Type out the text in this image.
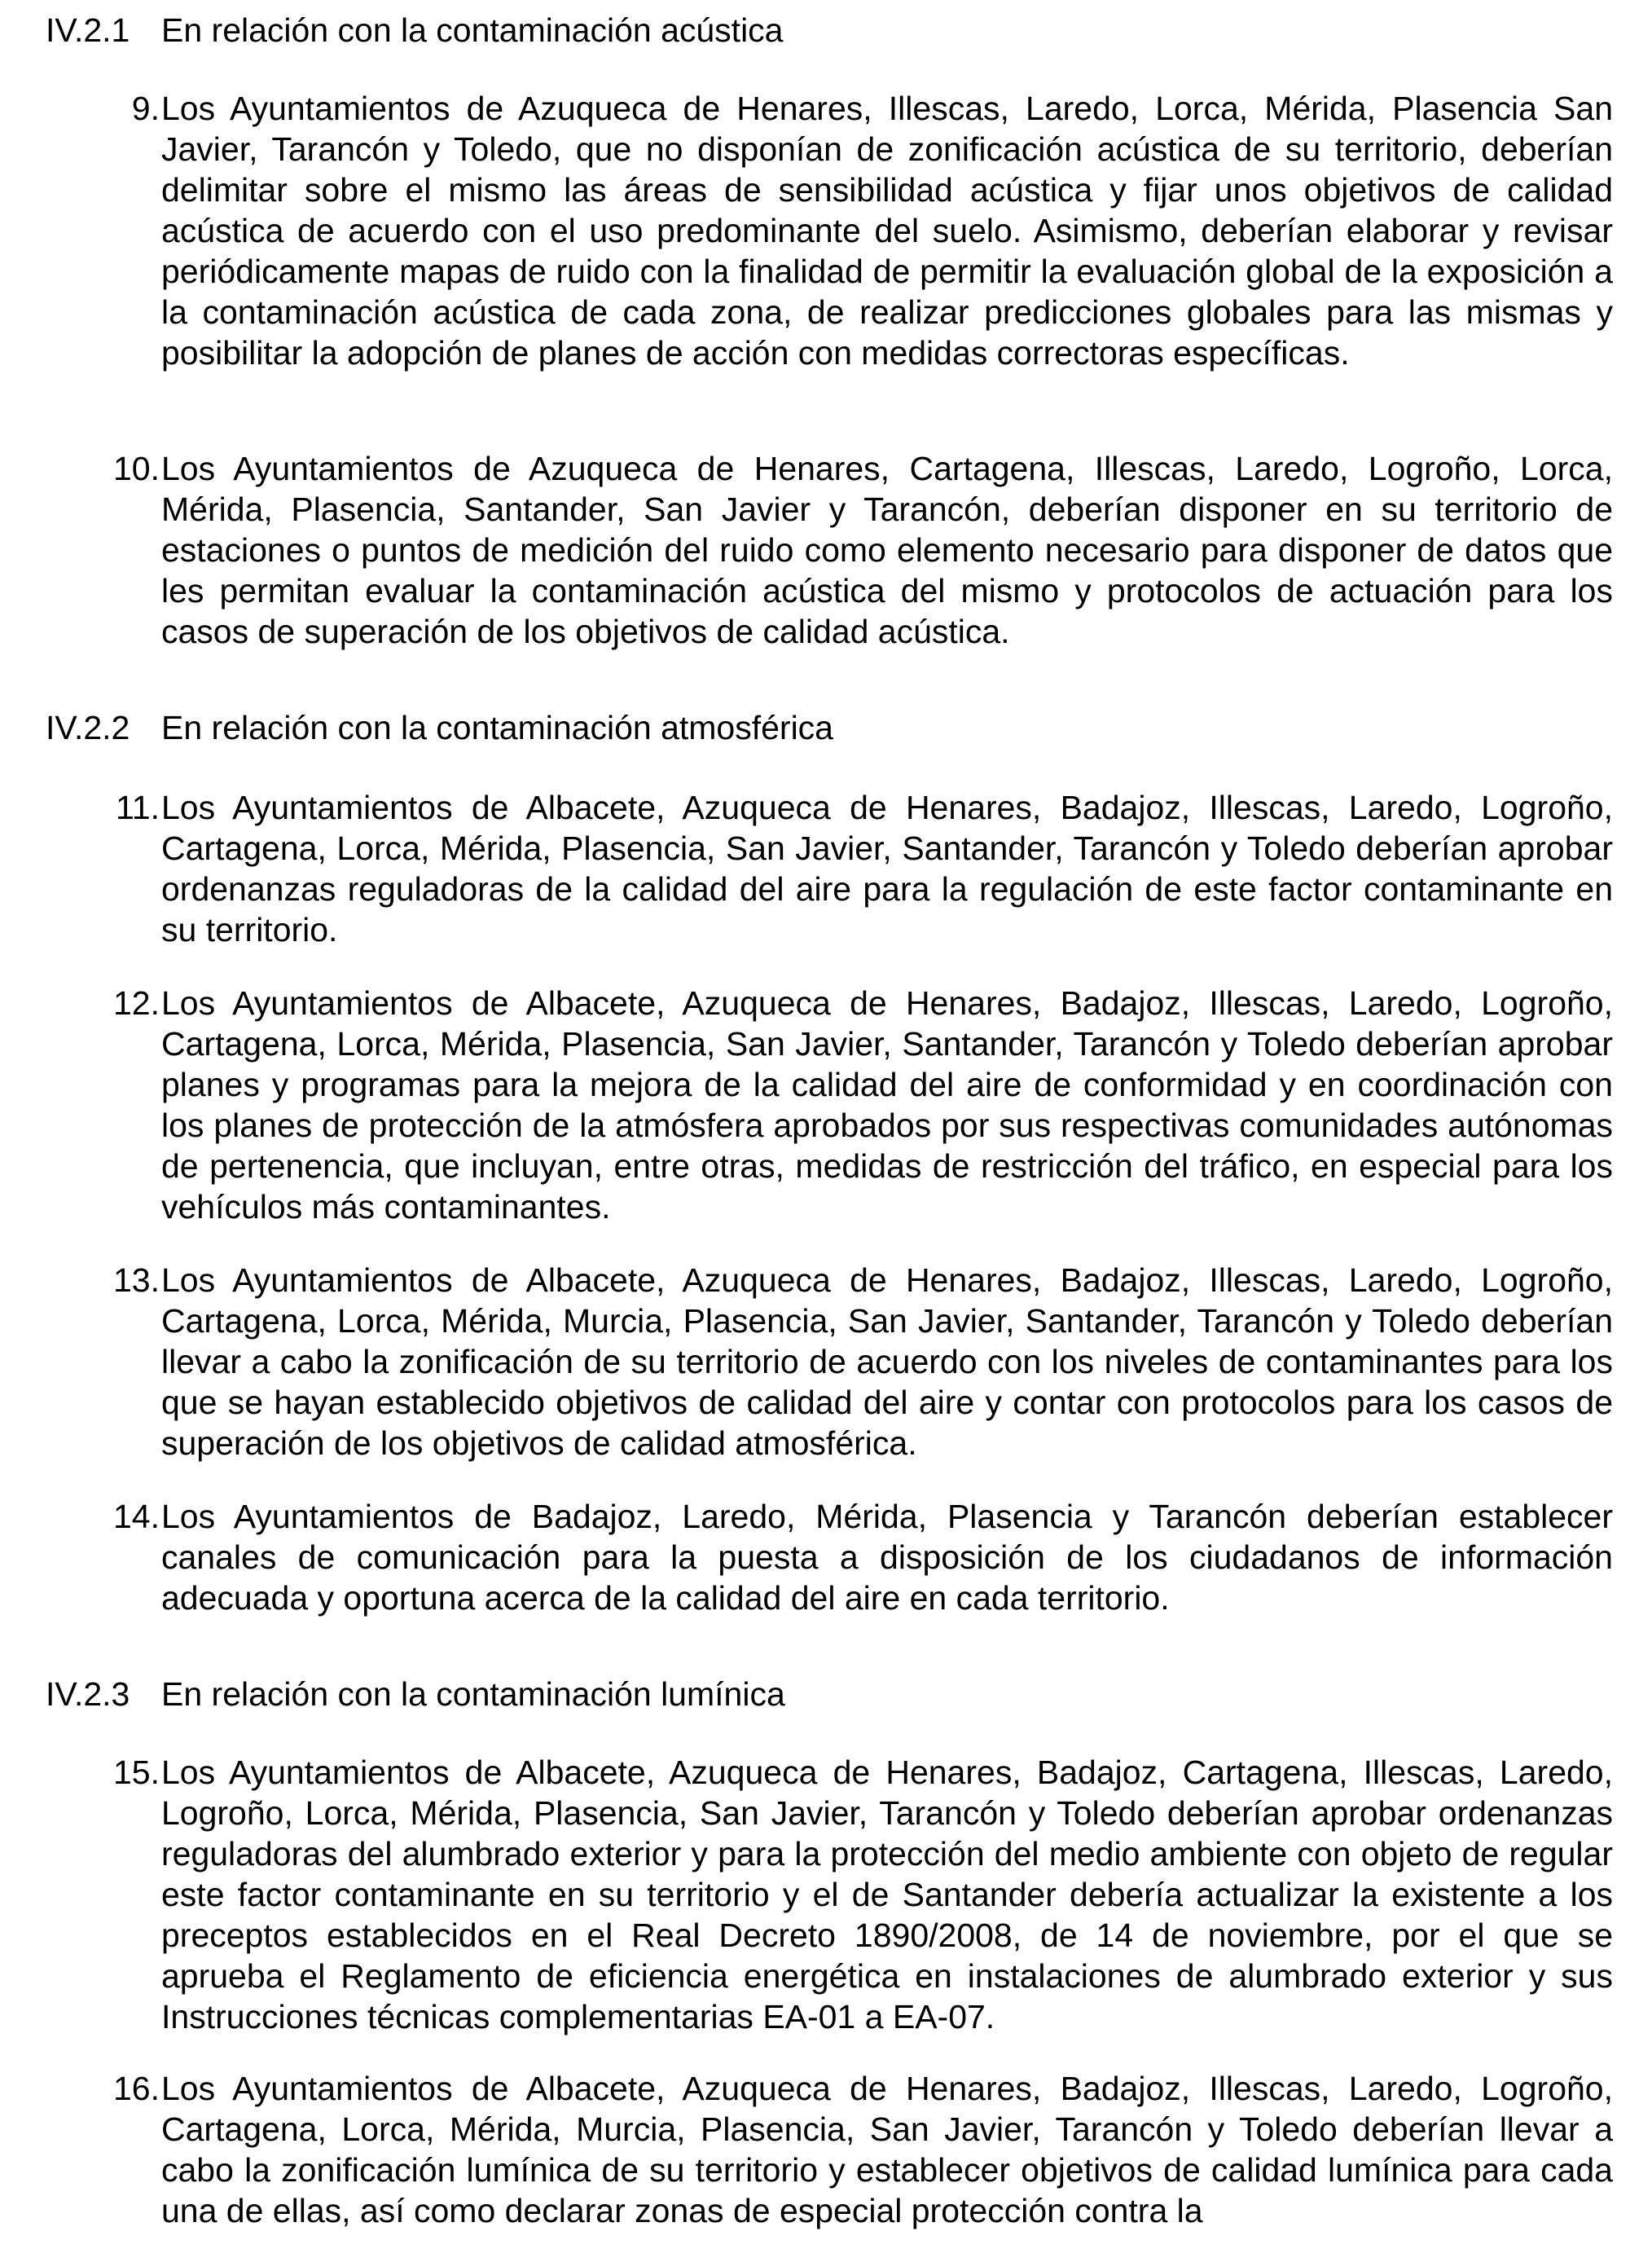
IV.2.1 En relación con la contaminación acústica
9. Los Ayuntamientos de Azuqueca de Henares, Illescas, Laredo, Lorca, Mérida, Plasencia San Javier, Tarancón y Toledo, que no disponían de zonificación acústica de su territorio, deberían delimitar sobre el mismo las áreas de sensibilidad acústica y fijar unos objetivos de calidad acústica de acuerdo con el uso predominante del suelo. Asimismo, deberían elaborar y revisar periódicamente mapas de ruido con la finalidad de permitir la evaluación global de la exposición a la contaminación acústica de cada zona, de realizar predicciones globales para las mismas y posibilitar la adopción de planes de acción con medidas correctoras específicas.
10. Los Ayuntamientos de Azuqueca de Henares, Cartagena, Illescas, Laredo, Logroño, Lorca, Mérida, Plasencia, Santander, San Javier y Tarancón, deberían disponer en su territorio de estaciones o puntos de medición del ruido como elemento necesario para disponer de datos que les permitan evaluar la contaminación acústica del mismo y protocolos de actuación para los casos de superación de los objetivos de calidad acústica.
IV.2.2 En relación con la contaminación atmosférica
11. Los Ayuntamientos de Albacete, Azuqueca de Henares, Badajoz, Illescas, Laredo, Logroño, Cartagena, Lorca, Mérida, Plasencia, San Javier, Santander, Tarancón y Toledo deberían aprobar ordenanzas reguladoras de la calidad del aire para la regulación de este factor contaminante en su territorio.
12. Los Ayuntamientos de Albacete, Azuqueca de Henares, Badajoz, Illescas, Laredo, Logroño, Cartagena, Lorca, Mérida, Plasencia, San Javier, Santander, Tarancón y Toledo deberían aprobar planes y programas para la mejora de la calidad del aire de conformidad y en coordinación con los planes de protección de la atmósfera aprobados por sus respectivas comunidades autónomas de pertenencia, que incluyan, entre otras, medidas de restricción del tráfico, en especial para los vehículos más contaminantes.
13. Los Ayuntamientos de Albacete, Azuqueca de Henares, Badajoz, Illescas, Laredo, Logroño, Cartagena, Lorca, Mérida, Murcia, Plasencia, San Javier, Santander, Tarancón y Toledo deberían llevar a cabo la zonificación de su territorio de acuerdo con los niveles de contaminantes para los que se hayan establecido objetivos de calidad del aire y contar con protocolos para los casos de superación de los objetivos de calidad atmosférica.
14. Los Ayuntamientos de Badajoz, Laredo, Mérida, Plasencia y Tarancón deberían establecer canales de comunicación para la puesta a disposición de los ciudadanos de información adecuada y oportuna acerca de la calidad del aire en cada territorio.
IV.2.3 En relación con la contaminación lumínica
15. Los Ayuntamientos de Albacete, Azuqueca de Henares, Badajoz, Cartagena, Illescas, Laredo, Logroño, Lorca, Mérida, Plasencia, San Javier, Tarancón y Toledo deberían aprobar ordenanzas reguladoras del alumbrado exterior y para la protección del medio ambiente con objeto de regular este factor contaminante en su territorio y el de Santander debería actualizar la existente a los preceptos establecidos en el Real Decreto 1890/2008, de 14 de noviembre, por el que se aprueba el Reglamento de eficiencia energética en instalaciones de alumbrado exterior y sus Instrucciones técnicas complementarias EA-01 a EA-07.
16. Los Ayuntamientos de Albacete, Azuqueca de Henares, Badajoz, Illescas, Laredo, Logroño, Cartagena, Lorca, Mérida, Murcia, Plasencia, San Javier, Tarancón y Toledo deberían llevar a cabo la zonificación lumínica de su territorio y establecer objetivos de calidad lumínica para cada una de ellas, así como declarar zonas de especial protección contra la
